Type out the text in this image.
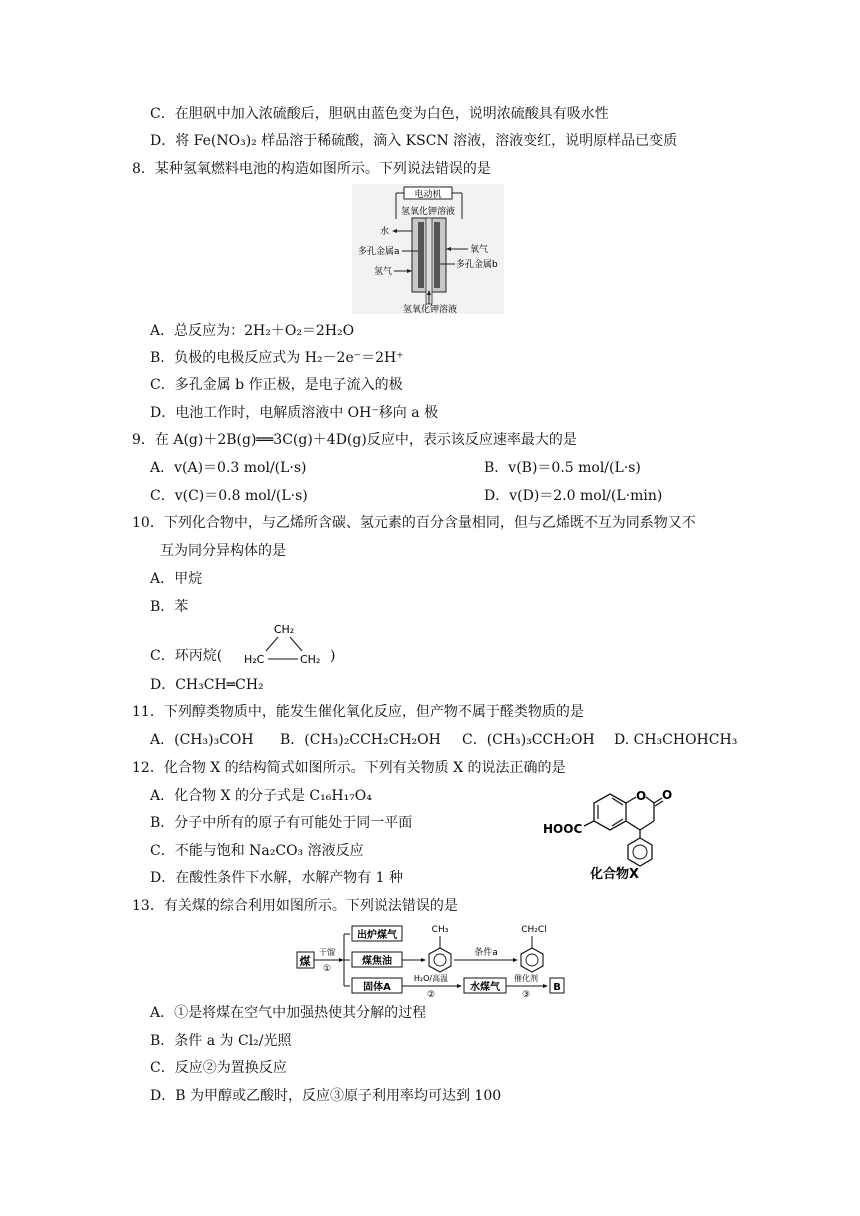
C．在胆矾中加入浓硫酸后，胆矾由蓝色变为白色，说明浓硫酸具有吸水性
D．将 Fe(NO₃)₂ 样品溶于稀硫酸，滴入 KSCN 溶液，溶液变红，说明原样品已变质
8．某种氢氧燃料电池的构造如图所示。下列说法错误的是
电动机
氢氧化钾溶液
水
多孔金属a
氢气
氧气
多孔金属b
氢氧化钾溶液
A．总反应为：2H₂＋O₂＝2H₂O
B．负极的电极反应式为 H₂－2e⁻＝2H⁺
C．多孔金属 b 作正极，是电子流入的极
D．电池工作时，电解质溶液中 OH⁻移向 a 极
9．在 A(g)＋2B(g)══3C(g)＋4D(g)反应中，表示该反应速率最大的是
A．v(A)＝0.3 mol/(L·s)	B．v(B)＝0.5 mol/(L·s)
C．v(C)＝0.8 mol/(L·s)	D．v(D)＝2.0 mol/(L·min)
10．下列化合物中，与乙烯所含碳、氢元素的百分含量相同，但与乙烯既不互为同系物又不
互为同分异构体的是
A．甲烷
B．苯
C．环丙烷(
CH₂
H₂C	CH₂ )
D．CH₃CH═CH₂
11．下列醇类物质中，能发生催化氧化反应，但产物不属于醛类物质的是
A．(CH₃)₃COH B．(CH₃)₂CCH₂CH₂OH C．(CH₃)₃CCH₂OH D. CH₃CHOHCH₃
12．化合物 X 的结构简式如图所示。下列有关物质 X 的说法正确的是
A．化合物 X 的分子式是 C₁₆H₁₇O₄
B．分子中所有的原子有可能处于同一平面
C．不能与饱和 Na₂CO₃ 溶液反应
D．在酸性条件下水解，水解产物有 1 种
O O
HOOC
化合物X
13．有关煤的综合利用如图所示。下列说法错误的是
煤
干馏
①
出炉煤气
煤焦油
固体A
CH₃
条件a
CH₂Cl
H₂O/高温
②
水煤气
催化剂
③
B
A．①是将煤在空气中加强热使其分解的过程
B．条件 a 为 Cl₂/光照
C．反应②为置换反应
D．B 为甲醇或乙酸时，反应③原子利用率均可达到 100
